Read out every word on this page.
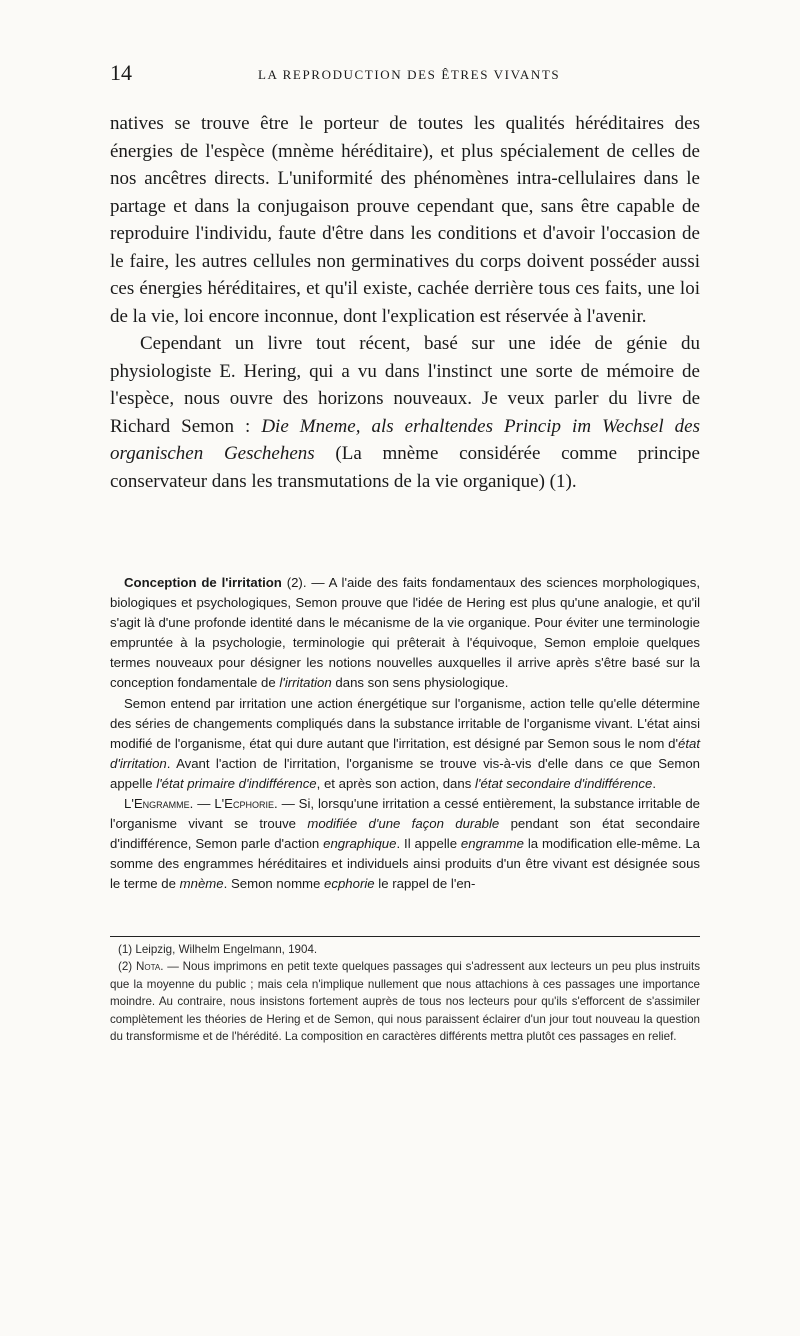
14	LA REPRODUCTION DES ÊTRES VIVANTS

natives se trouve être le porteur de toutes les qualités héréditaires des énergies de l'espèce (mnème héréditaire), et plus spécialement de celles de nos ancêtres directs. L'uniformité des phénomènes intra-cellulaires dans le partage et dans la conjugaison prouve cependant que, sans être capable de reproduire l'individu, faute d'être dans les conditions et d'avoir l'occasion de le faire, les autres cellules non germinatives du corps doivent posséder aussi ces énergies héréditaires, et qu'il existe, cachée derrière tous ces faits, une loi de la vie, loi encore inconnue, dont l'explication est réservée à l'avenir.

Cependant un livre tout récent, basé sur une idée de génie du physiologiste E. Hering, qui a vu dans l'instinct une sorte de mémoire de l'espèce, nous ouvre des horizons nouveaux. Je veux parler du livre de Richard Semon : Die Mneme, als erhaltendes Princip im Wechsel des organischen Geschehens (La mnème considérée comme principe conservateur dans les transmutations de la vie organique) (1).

Conception de l'irritation (2). — A l'aide des faits fondamentaux des sciences morphologiques, biologiques et psychologiques, Semon prouve que l'idée de Hering est plus qu'une analogie, et qu'il s'agit là d'une profonde identité dans le mécanisme de la vie organique. Pour éviter une terminologie empruntée à la psychologie, terminologie qui prêterait à l'équivoque, Semon emploie quelques termes nouveaux pour désigner les notions nouvelles auxquelles il arrive après s'être basé sur la conception fondamentale de l'irritation dans son sens physiologique.

Semon entend par irritation une action énergétique sur l'organisme, action telle qu'elle détermine des séries de changements compliqués dans la substance irritable de l'organisme vivant. L'état ainsi modifié de l'organisme, état qui dure autant que l'irritation, est désigné par Semon sous le nom d'état d'irritation. Avant l'action de l'irritation, l'organisme se trouve vis-à-vis d'elle dans ce que Semon appelle l'état primaire d'indifférence, et après son action, dans l'état secondaire d'indifférence.

L'Engramme. — L'Ecphorie. — Si, lorsqu'une irritation a cessé entièrement, la substance irritable de l'organisme vivant se trouve modifiée d'une façon durable pendant son état secondaire d'indifférence, Semon parle d'action engraphique. Il appelle engramme la modification elle-même. La somme des engrammes héréditaires et individuels ainsi produits d'un être vivant est désignée sous le terme de mnème. Semon nomme ecphorie le rappel de l'en-

(1) Leipzig, Wilhelm Engelmann, 1904.

(2) Nota. — Nous imprimons en petit texte quelques passages qui s'adressent aux lecteurs un peu plus instruits que la moyenne du public ; mais cela n'implique nullement que nous attachions à ces passages une importance moindre. Au contraire, nous insistons fortement auprès de tous nos lecteurs pour qu'ils s'efforcent de s'assimiler complètement les théories de Hering et de Semon, qui nous paraissent éclairer d'un jour tout nouveau la question du transformisme et de l'hérédité. La composition en caractères différents mettra plutôt ces passages en relief.
